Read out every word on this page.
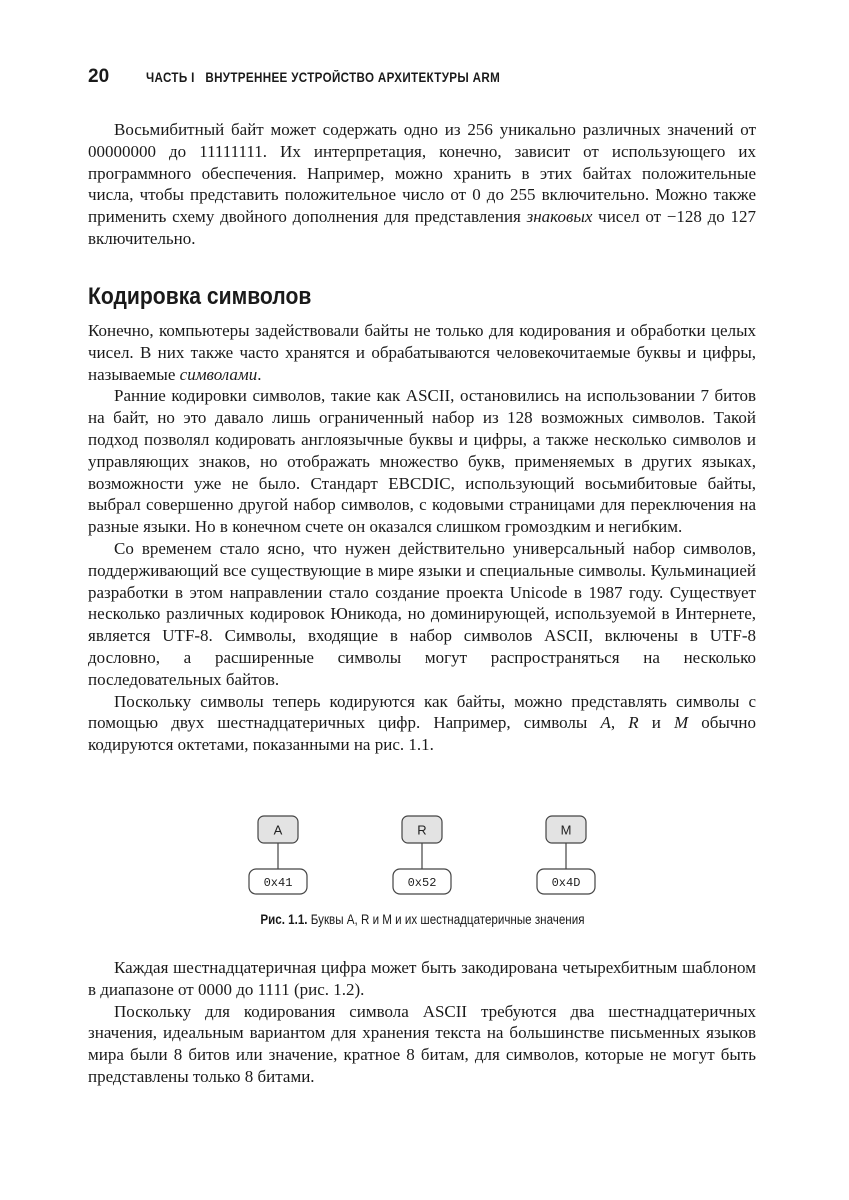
20	ЧАСТЬ I   ВНУТРЕННЕЕ УСТРОЙСТВО АРХИТЕКТУРЫ ARM

Восьмибитный байт может содержать одно из 256 уникально различных значений от 00000000 до 11111111. Их интерпретация, конечно, зависит от использующего их программного обеспечения. Например, можно хранить в этих байтах положительные числа, чтобы представить положительное число от 0 до 255 включительно. Можно также применить схему двойного дополнения для представления знаковых чисел от −128 до 127 включительно.

Кодировка символов

Конечно, компьютеры задействовали байты не только для кодирования и обработки целых чисел. В них также часто хранятся и обрабатываются человекочитаемые буквы и цифры, называемые символами.

Ранние кодировки символов, такие как ASCII, остановились на использовании 7 битов на байт, но это давало лишь ограниченный набор из 128 возможных символов. Такой подход позволял кодировать англоязычные буквы и цифры, а также несколько символов и управляющих знаков, но отображать множество букв, применяемых в других языках, возможности уже не было. Стандарт EBCDIC, использующий восьмибитовые байты, выбрал совершенно другой набор символов, с кодовыми страницами для переключения на разные языки. Но в конечном счете он оказался слишком громоздким и негибким.

Со временем стало ясно, что нужен действительно универсальный набор символов, поддерживающий все существующие в мире языки и специальные символы. Кульминацией разработки в этом направлении стало создание проекта Unicode в 1987 году. Существует несколько различных кодировок Юникода, но доминирующей, используемой в Интернете, является UTF-8. Символы, входящие в набор символов ASCII, включены в UTF-8 дословно, а расширенные символы могут распространяться на несколько последовательных байтов.

Поскольку символы теперь кодируются как байты, можно представлять символы с помощью двух шестнадцатеричных цифр. Например, символы A, R и M обычно кодируются октетами, показанными на рис. 1.1.

A
0x41
R
0x52
M
0x4D
Рис. 1.1. Буквы A, R и M и их шестнадцатеричные значения

Каждая шестнадцатеричная цифра может быть закодирована четырехбитным шаблоном в диапазоне от 0000 до 1111 (рис. 1.2).

Поскольку для кодирования символа ASCII требуются два шестнадцатеричных значения, идеальным вариантом для хранения текста на большинстве письменных языков мира были 8 битов или значение, кратное 8 битам, для символов, которые не могут быть представлены только 8 битами.
